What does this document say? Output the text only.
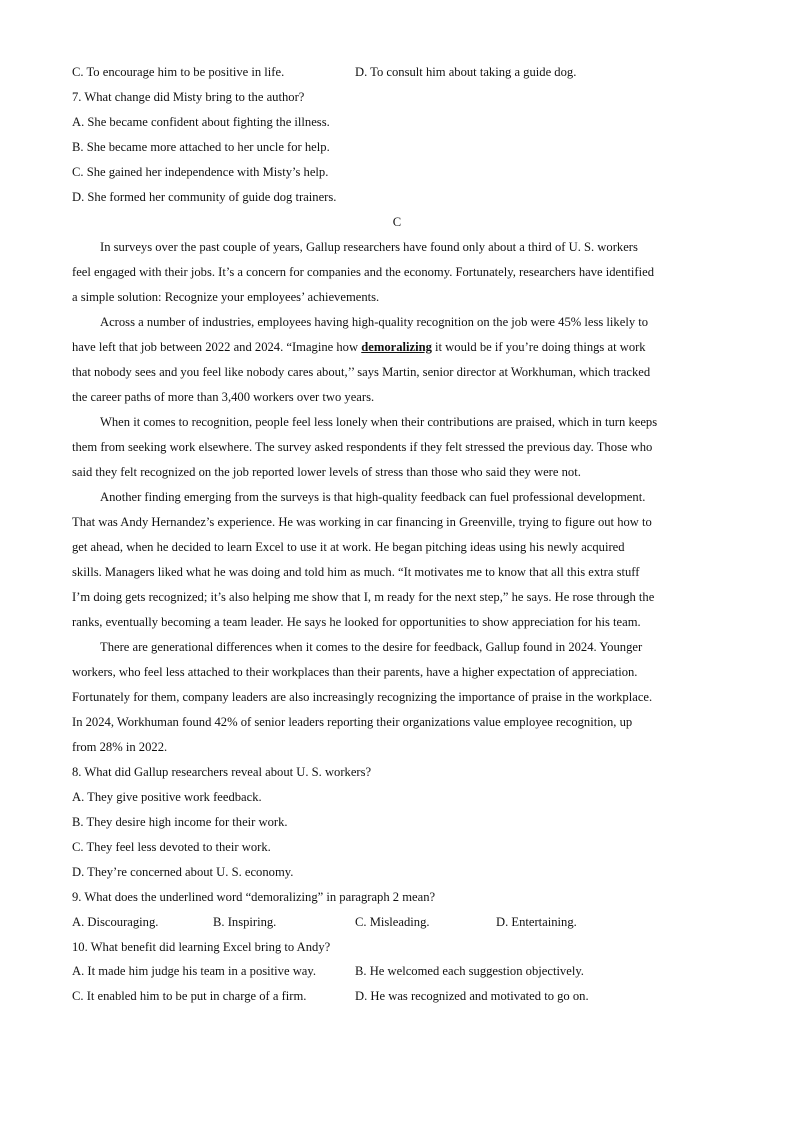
C. To encourage him to be positive in life.	D. To consult him about taking a guide dog.
7. What change did Misty bring to the author?
A. She became confident about fighting the illness.
B. She became more attached to her uncle for help.
C. She gained her independence with Misty’s help.
D. She formed her community of guide dog trainers.
C
In surveys over the past couple of years, Gallup researchers have found only about a third of U. S. workers
feel engaged with their jobs. It’s a concern for companies and the economy. Fortunately, researchers have identified
a simple solution: Recognize your employees’ achievements.
Across a number of industries, employees having high-quality recognition on the job were 45% less likely to
have left that job between 2022 and 2024. “Imagine how demoralizing it would be if you’re doing things at work
that nobody sees and you feel like nobody cares about,’’ says Martin, senior director at Workhuman, which tracked
the career paths of more than 3,400 workers over two years.
When it comes to recognition, people feel less lonely when their contributions are praised, which in turn keeps
them from seeking work elsewhere. The survey asked respondents if they felt stressed the previous day. Those who
said they felt recognized on the job reported lower levels of stress than those who said they were not.
Another finding emerging from the surveys is that high-quality feedback can fuel professional development.
That was Andy Hernandez’s experience. He was working in car financing in Greenville, trying to figure out how to
get ahead, when he decided to learn Excel to use it at work. He began pitching ideas using his newly acquired
skills. Managers liked what he was doing and told him as much. “It motivates me to know that all this extra stuff
I’m doing gets recognized; it’s also helping me show that I, m ready for the next step,” he says. He rose through the
ranks, eventually becoming a team leader. He says he looked for opportunities to show appreciation for his team.
There are generational differences when it comes to the desire for feedback, Gallup found in 2024. Younger
workers, who feel less attached to their workplaces than their parents, have a higher expectation of appreciation.
Fortunately for them, company leaders are also increasingly recognizing the importance of praise in the workplace.
In 2024, Workhuman found 42% of senior leaders reporting their organizations value employee recognition, up
from 28% in 2022.
8. What did Gallup researchers reveal about U. S. workers?
A. They give positive work feedback.
B. They desire high income for their work.
C. They feel less devoted to their work.
D. They’re concerned about U. S. economy.
9. What does the underlined word “demoralizing” in paragraph 2 mean?
A. Discouraging.	B. Inspiring.	C. Misleading.	D. Entertaining.
10. What benefit did learning Excel bring to Andy?
A. It made him judge his team in a positive way.	B. He welcomed each suggestion objectively.
C. It enabled him to be put in charge of a firm.	D. He was recognized and motivated to go on.
